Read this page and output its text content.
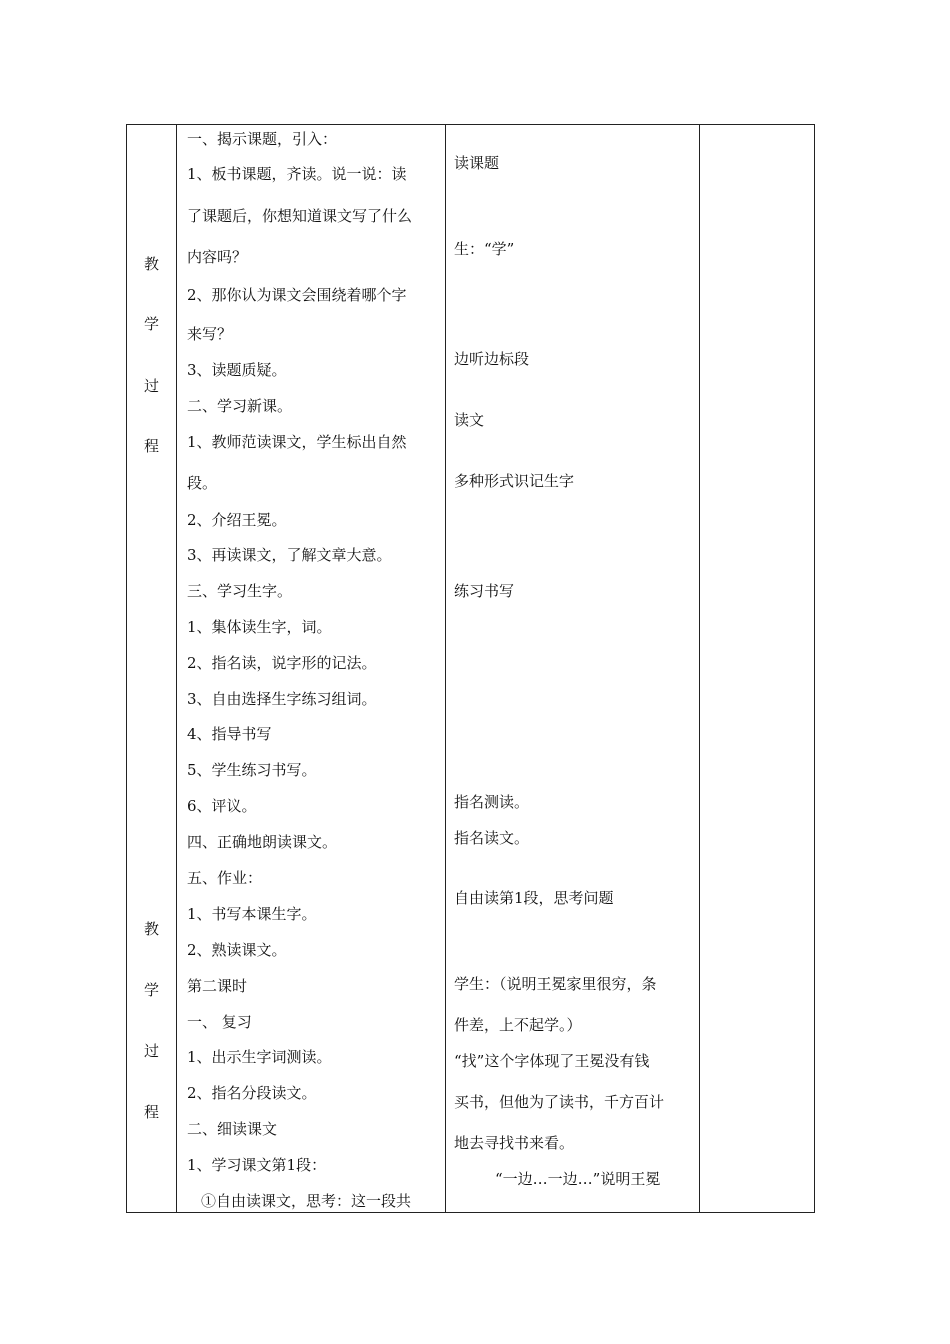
教
学
过
程
教
学
过
程
一、揭示课题，引入：
1、板书课题，齐读。说一说：读
了课题后，你想知道课文写了什么
内容吗？
2、那你认为课文会围绕着哪个字
来写？
3、读题质疑。
二、学习新课。
1、教师范读课文，学生标出自然
段。
2、介绍王冕。
3、再读课文，了解文章大意。
三、学习生字。
1、集体读生字，词。
2、指名读，说字形的记法。
3、自由选择生字练习组词。
4、指导书写
5、学生练习书写。
6、评议。
四、正确地朗读课文。
五、作业：
1、书写本课生字。
2、熟读课文。
第二课时
一、 复习
1、出示生字词测读。
2、指名分段读文。
二、细读课文
1、学习课文第1段：
①自由读课文，思考：这一段共
读课题
生：“学”
边听边标段
读文
多种形式识记生字
练习书写
指名测读。
指名读文。
自由读第1段，思考问题
学生：（说明王冕家里很穷，条
件差，上不起学。）
“找”这个字体现了王冕没有钱
买书，但他为了读书，千方百计
地去寻找书来看。
“一边…一边…”说明王冕
